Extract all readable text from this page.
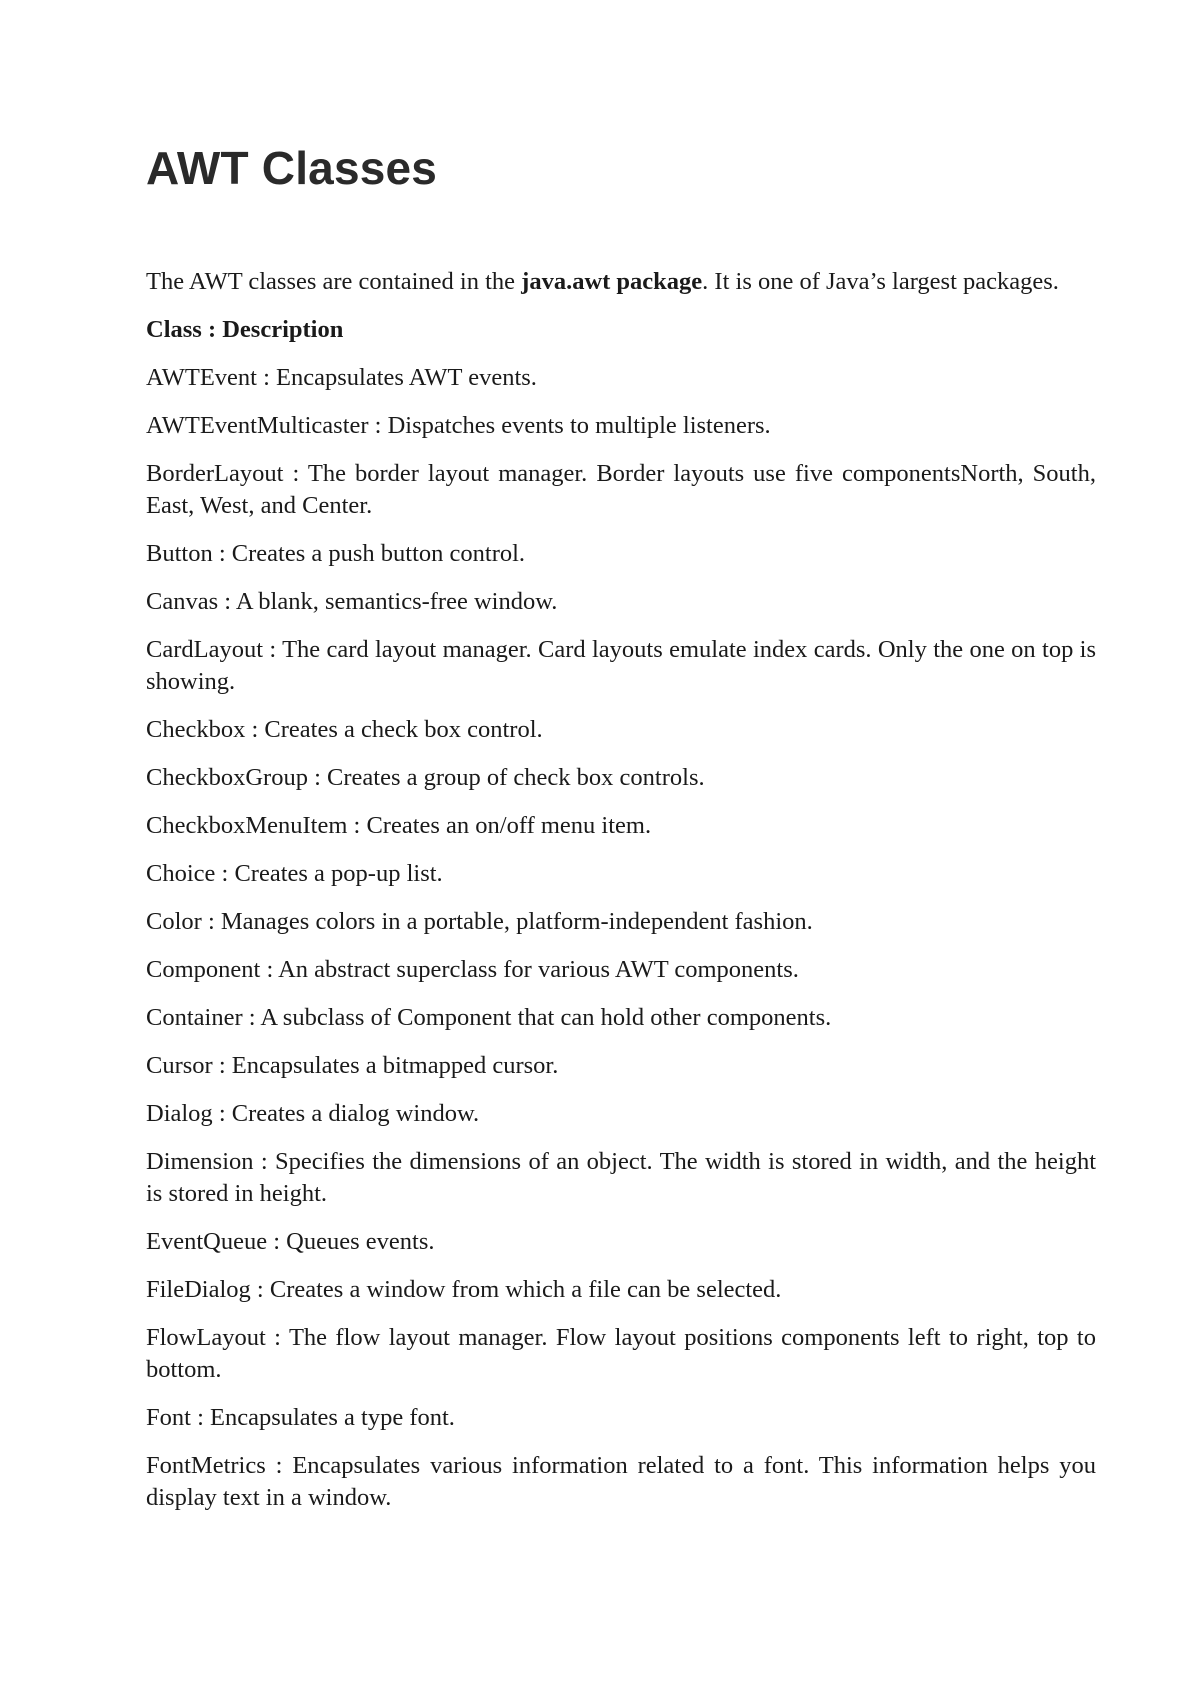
AWT Classes

The AWT classes are contained in the java.awt package. It is one of Java’s largest packages.

Class : Description

AWTEvent : Encapsulates AWT events.

AWTEventMulticaster : Dispatches events to multiple listeners.

BorderLayout : The border layout manager. Border layouts use five componentsNorth, South, East, West, and Center.

Button : Creates a push button control.

Canvas : A blank, semantics-free window.

CardLayout : The card layout manager. Card layouts emulate index cards. Only the one on top is showing.

Checkbox : Creates a check box control.

CheckboxGroup : Creates a group of check box controls.

CheckboxMenuItem : Creates an on/off menu item.

Choice : Creates a pop-up list.

Color : Manages colors in a portable, platform-independent fashion.

Component : An abstract superclass for various AWT components.

Container : A subclass of Component that can hold other components.

Cursor : Encapsulates a bitmapped cursor.

Dialog : Creates a dialog window.

Dimension : Specifies the dimensions of an object. The width is stored in width, and the height is stored in height.

EventQueue : Queues events.

FileDialog : Creates a window from which a file can be selected.

FlowLayout : The flow layout manager. Flow layout positions components left to right, top to bottom.

Font : Encapsulates a type font.

FontMetrics : Encapsulates various information related to a font. This information helps you display text in a window.
